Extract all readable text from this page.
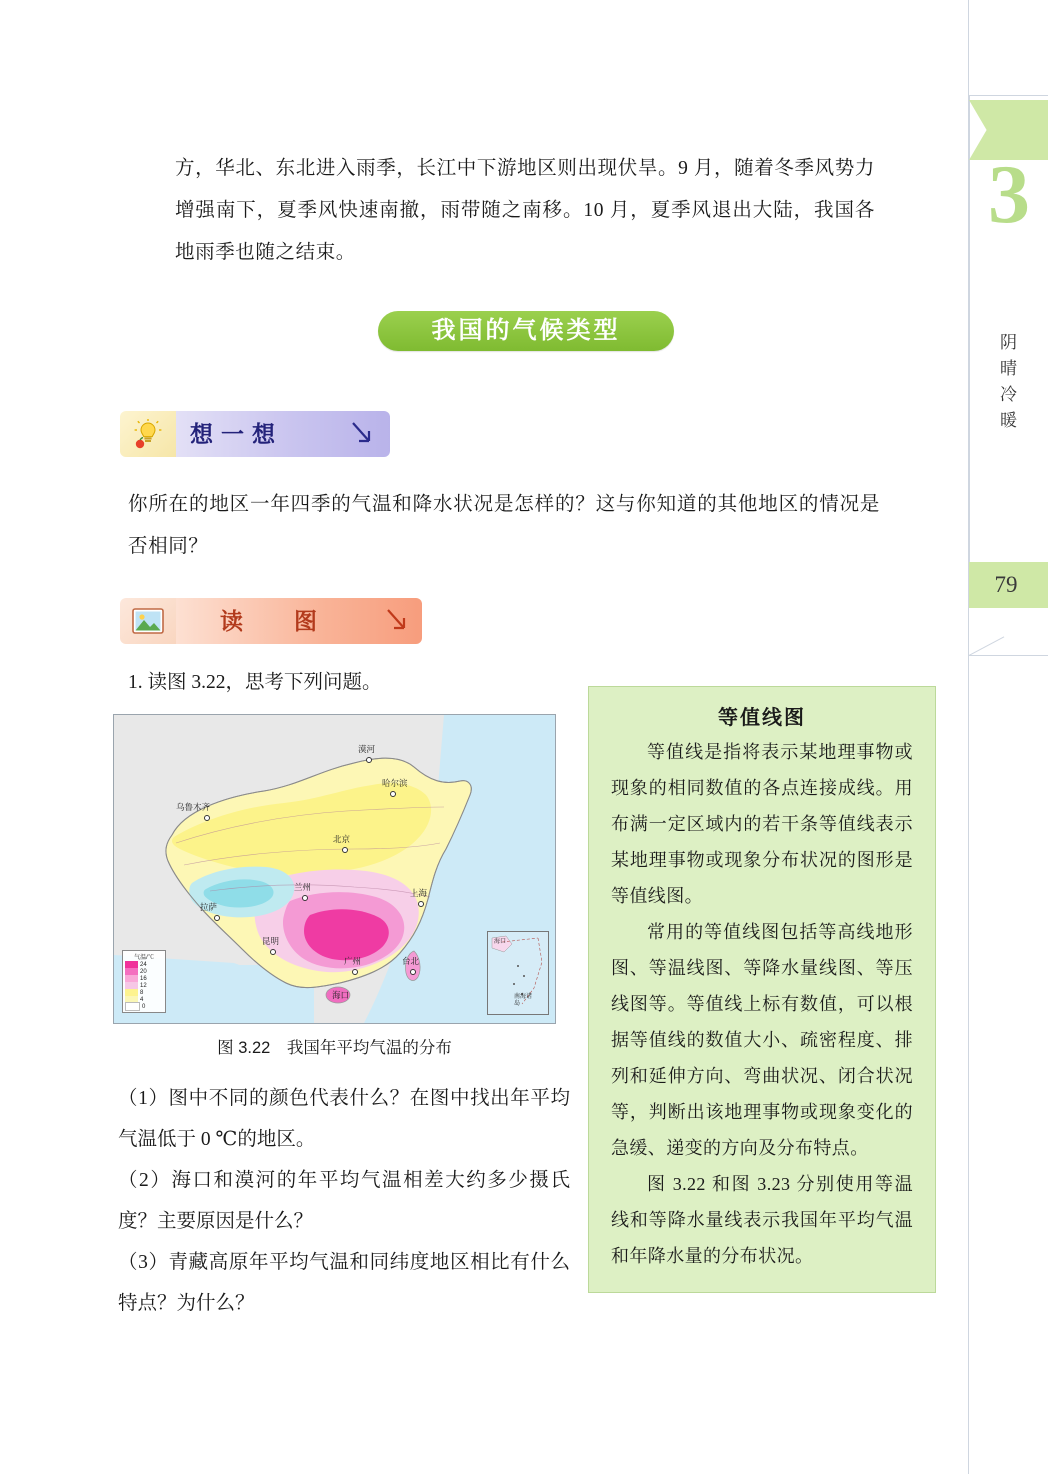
方，华北、东北进入雨季，长江中下游地区则出现伏旱。9 月，随着冬季风势力增强南下，夏季风快速南撤，雨带随之南移。10 月，夏季风退出大陆，我国各地雨季也随之结束。
我国的气候类型
想一想
你所在的地区一年四季的气温和降水状况是怎样的？这与你知道的其他地区的情况是否相同？
读　图
1. 读图 3.22，思考下列问题。
漠河
哈尔滨
乌鲁木齐
北京
兰州
拉萨
上海
昆明
广州	台北
海口
气温/℃
24
20
16
12
8
4
0
海口
南海诸岛
图 3.22　我国年平均气温的分布
（1）图中不同的颜色代表什么？在图中找出年平均气温低于 0 ℃的地区。
（2）海口和漠河的年平均气温相差大约多少摄氏度？主要原因是什么？
（3）青藏高原年平均气温和同纬度地区相比有什么特点？为什么？
等值线图

等值线是指将表示某地理事物或现象的相同数值的各点连接成线。用布满一定区域内的若干条等值线表示某地理事物或现象分布状况的图形是等值线图。

常用的等值线图包括等高线地形图、等温线图、等降水量线图、等压线图等。等值线上标有数值，可以根据等值线的数值大小、疏密程度、排列和延伸方向、弯曲状况、闭合状况等，判断出该地理事物或现象变化的急缓、递变的方向及分布特点。

图 3.22 和图 3.23 分别使用等温线和等降水量线表示我国年平均气温和年降水量的分布状况。

3
阴
晴
冷
暖
79
